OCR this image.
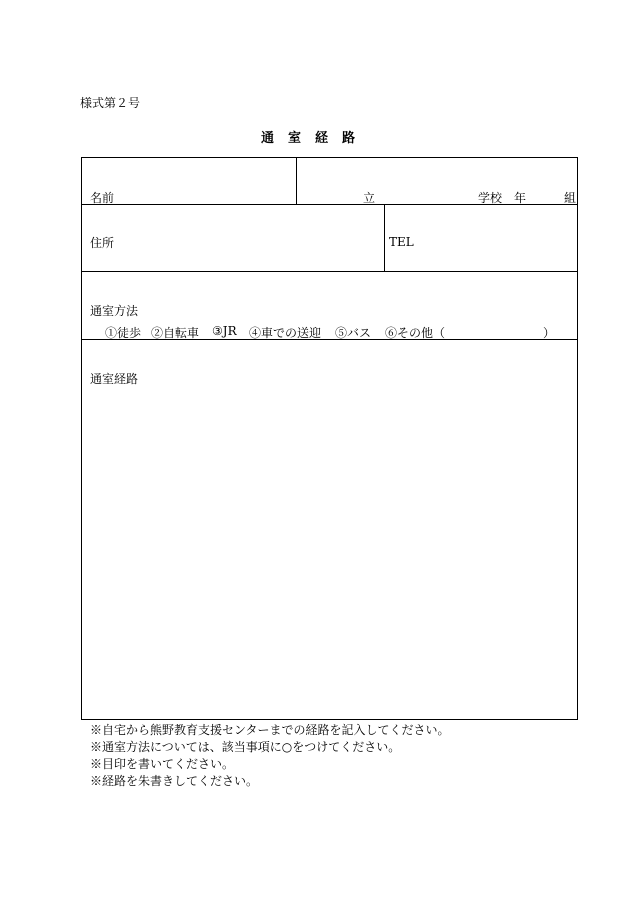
様式第２号
通室経路
名前	立	学校 年	組
住所	TEL
通室方法
①徒歩 ②自転車 ③JR ④車での送迎 ⑤バス ⑥その他（	）
通室経路
※自宅から熊野教育支援センターまでの経路を記入してください。
※通室方法については、該当事項に○をつけてください。
※目印を書いてください。
※経路を朱書きしてください。
